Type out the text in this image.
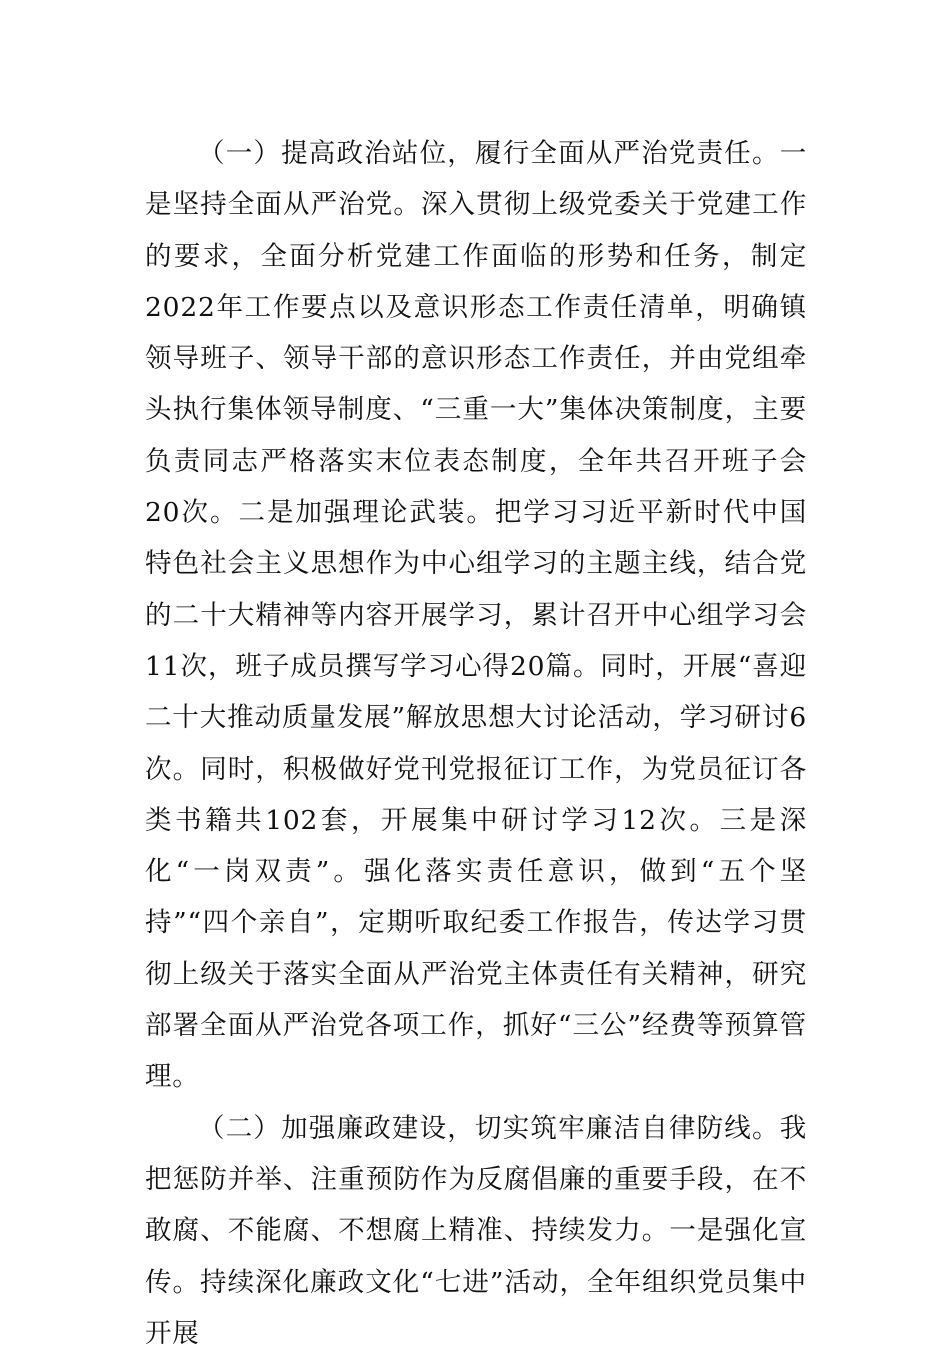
（一）提高政治站位，履行全面从严治党责任。一是坚持全面从严治党。深入贯彻上级党委关于党建工作的要求，全面分析党建工作面临的形势和任务，制定2022年工作要点以及意识形态工作责任清单，明确镇领导班子、领导干部的意识形态工作责任，并由党组牵头执行集体领导制度、“三重一大”集体决策制度，主要负责同志严格落实末位表态制度，全年共召开班子会20次。二是加强理论武装。把学习习近平新时代中国特色社会主义思想作为中心组学习的主题主线，结合党的二十大精神等内容开展学习，累计召开中心组学习会11次，班子成员撰写学习心得20篇。同时，开展“喜迎二十大推动质量发展”解放思想大讨论活动，学习研讨6次。同时，积极做好党刊党报征订工作，为党员征订各类书籍共102套，开展集中研讨学习12次。三是深化“一岗双责”。强化落实责任意识，做到“五个坚持”“四个亲自”，定期听取纪委工作报告，传达学习贯彻上级关于落实全面从严治党主体责任有关精神，研究部署全面从严治党各项工作，抓好“三公”经费等预算管理。

（二）加强廉政建设，切实筑牢廉洁自律防线。我把惩防并举、注重预防作为反腐倡廉的重要手段，在不敢腐、不能腐、不想腐上精准、持续发力。一是强化宣传。持续深化廉政文化“七进”活动，全年组织党员集中开展
